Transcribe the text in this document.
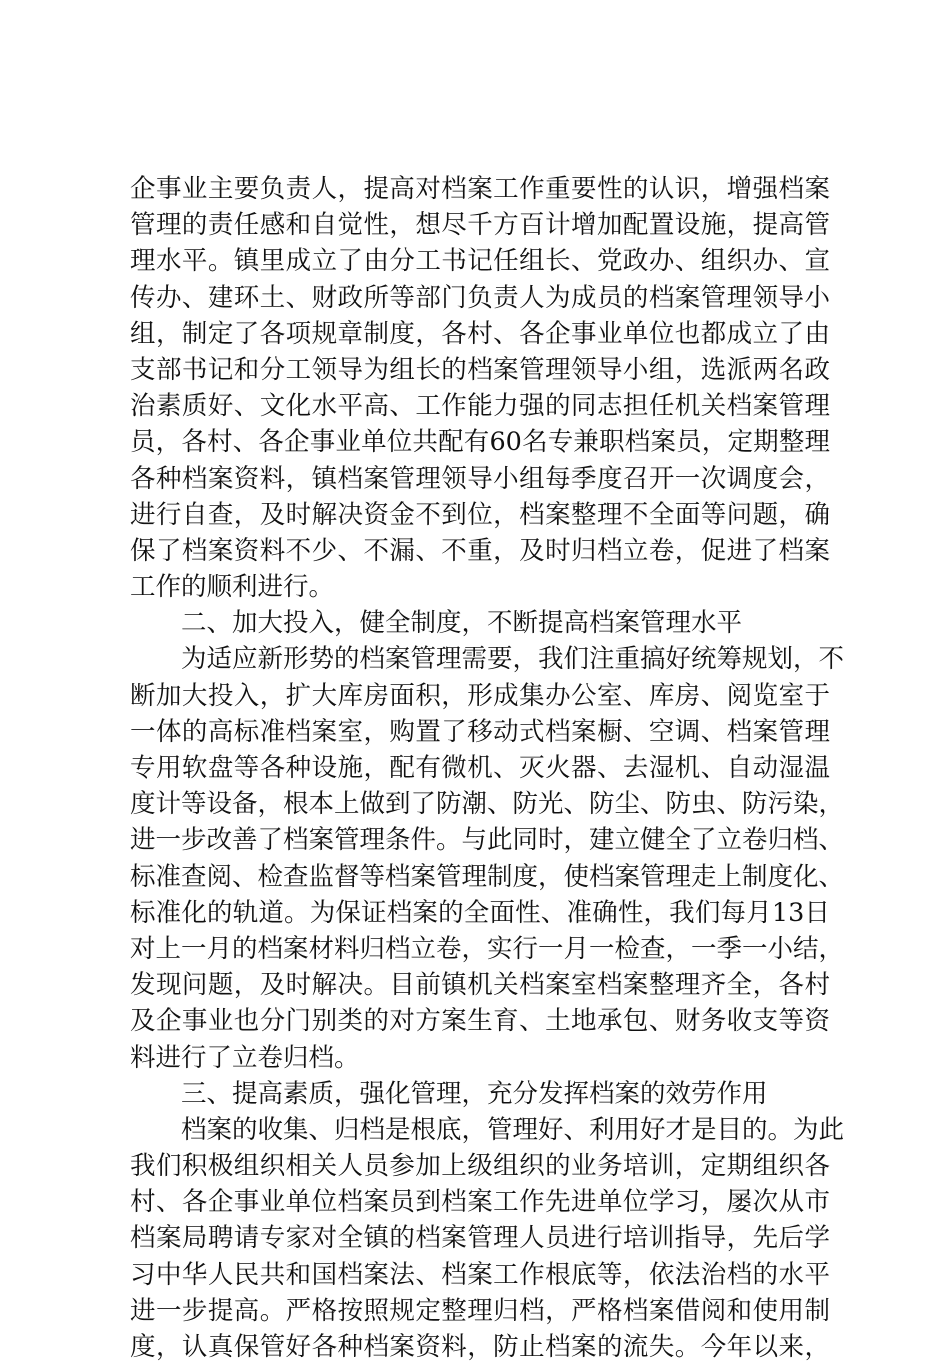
企事业主要负责人，提高对档案工作重要性的认识，增强档案
管理的责任感和自觉性，想尽千方百计增加配置设施，提高管
理水平。镇里成立了由分工书记任组长、党政办、组织办、宣
传办、建环土、财政所等部门负责人为成员的档案管理领导小
组，制定了各项规章制度，各村、各企事业单位也都成立了由
支部书记和分工领导为组长的档案管理领导小组，选派两名政
治素质好、文化水平高、工作能力强的同志担任机关档案管理
员，各村、各企事业单位共配有60名专兼职档案员，定期整理
各种档案资料，镇档案管理领导小组每季度召开一次调度会，
进行自查，及时解决资金不到位，档案整理不全面等问题，确
保了档案资料不少、不漏、不重，及时归档立卷，促进了档案
工作的顺利进行。
二、加大投入，健全制度，不断提高档案管理水平
为适应新形势的档案管理需要，我们注重搞好统筹规划，不
断加大投入，扩大库房面积，形成集办公室、库房、阅览室于
一体的高标准档案室，购置了移动式档案橱、空调、档案管理
专用软盘等各种设施，配有微机、灭火器、去湿机、自动湿温
度计等设备，根本上做到了防潮、防光、防尘、防虫、防污染，
进一步改善了档案管理条件。与此同时，建立健全了立卷归档、
标准查阅、检查监督等档案管理制度，使档案管理走上制度化、
标准化的轨道。为保证档案的全面性、准确性，我们每月13日
对上一月的档案材料归档立卷，实行一月一检查，一季一小结，
发现问题，及时解决。目前镇机关档案室档案整理齐全，各村
及企事业也分门别类的对方案生育、土地承包、财务收支等资
料进行了立卷归档。
三、提高素质，强化管理，充分发挥档案的效劳作用
档案的收集、归档是根底，管理好、利用好才是目的。为此
我们积极组织相关人员参加上级组织的业务培训，定期组织各
村、各企事业单位档案员到档案工作先进单位学习，屡次从市
档案局聘请专家对全镇的档案管理人员进行培训指导，先后学
习中华人民共和国档案法、档案工作根底等，依法治档的水平
进一步提高。严格按照规定整理归档，严格档案借阅和使用制
度，认真保管好各种档案资料，防止档案的流失。今年以来，
